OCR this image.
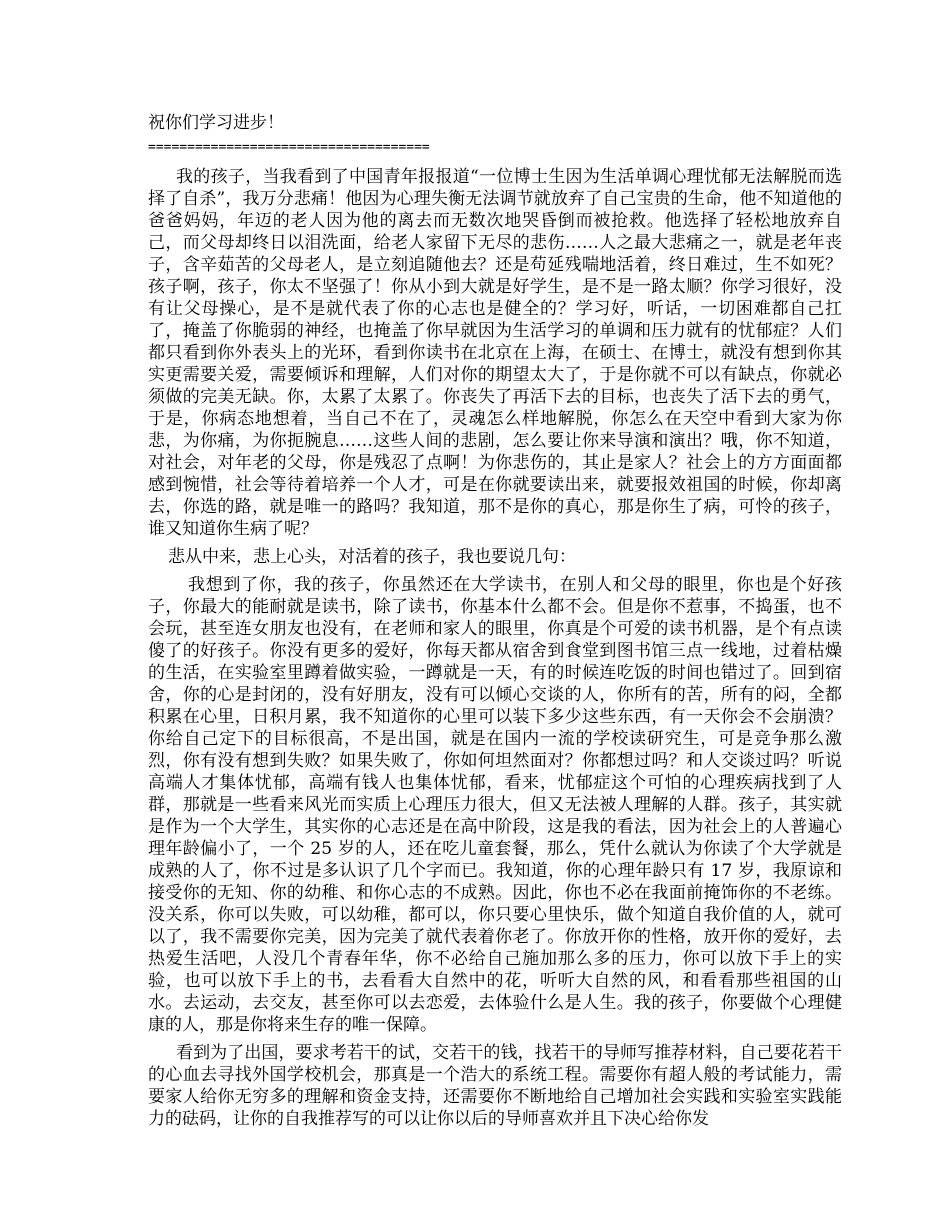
祝你们学习进步！

====================================

我的孩子，当我看到了中国青年报报道“一位博士生因为生活单调心理忧郁无法解脱而选择了自杀”，我万分悲痛！他因为心理失衡无法调节就放弃了自己宝贵的生命，他不知道他的爸爸妈妈，年迈的老人因为他的离去而无数次地哭昏倒而被抢救。他选择了轻松地放弃自己，而父母却终日以泪洗面，给老人家留下无尽的悲伤……人之最大悲痛之一，就是老年丧子，含辛茹苦的父母老人，是立刻追随他去？还是苟延残喘地活着，终日难过，生不如死？孩子啊，孩子，你太不坚强了！你从小到大就是好学生，是不是一路太顺？你学习很好，没有让父母操心，是不是就代表了你的心志也是健全的？学习好，听话，一切困难都自己扛了，掩盖了你脆弱的神经，也掩盖了你早就因为生活学习的单调和压力就有的忧郁症？人们都只看到你外表头上的光环，看到你读书在北京在上海，在硕士、在博士，就没有想到你其实更需要关爱，需要倾诉和理解，人们对你的期望太大了，于是你就不可以有缺点，你就必须做的完美无缺。你，太累了太累了。你丧失了再活下去的目标，也丧失了活下去的勇气，于是，你病态地想着，当自己不在了，灵魂怎么样地解脱，你怎么在天空中看到大家为你悲，为你痛，为你扼腕息……这些人间的悲剧，怎么要让你来导演和演出？哦，你不知道，对社会，对年老的父母，你是残忍了点啊！为你悲伤的，其止是家人？社会上的方方面面都感到惋惜，社会等待着培养一个人才，可是在你就要读出来，就要报效祖国的时候，你却离去，你选的路，就是唯一的路吗？我知道，那不是你的真心，那是你生了病，可怜的孩子，谁又知道你生病了呢？

悲从中来，悲上心头，对活着的孩子，我也要说几句：

我想到了你，我的孩子，你虽然还在大学读书，在别人和父母的眼里，你也是个好孩子，你最大的能耐就是读书，除了读书，你基本什么都不会。但是你不惹事，不捣蛋，也不会玩，甚至连女朋友也没有，在老师和家人的眼里，你真是个可爱的读书机器，是个有点读傻了的好孩子。你没有更多的爱好，你每天都从宿舍到食堂到图书馆三点一线地，过着枯燥的生活，在实验室里蹲着做实验，一蹲就是一天，有的时候连吃饭的时间也错过了。回到宿舍，你的心是封闭的，没有好朋友，没有可以倾心交谈的人，你所有的苦，所有的闷，全都积累在心里，日积月累，我不知道你的心里可以装下多少这些东西，有一天你会不会崩溃？你给自己定下的目标很高，不是出国，就是在国内一流的学校读研究生，可是竞争那么激烈，你有没有想到失败？如果失败了，你如何坦然面对？你都想过吗？和人交谈过吗？听说高端人才集体忧郁，高端有钱人也集体忧郁，看来，忧郁症这个可怕的心理疾病找到了人群，那就是一些看来风光而实质上心理压力很大，但又无法被人理解的人群。孩子，其实就是作为一个大学生，其实你的心志还是在高中阶段，这是我的看法，因为社会上的人普遍心理年龄偏小了，一个 25 岁的人，还在吃儿童套餐，那么，凭什么就认为你读了个大学就是成熟的人了，你不过是多认识了几个字而已。我知道，你的心理年龄只有 17 岁，我原谅和接受你的无知、你的幼稚、和你心志的不成熟。因此，你也不必在我面前掩饰你的不老练。没关系，你可以失败，可以幼稚，都可以，你只要心里快乐，做个知道自我价值的人，就可以了，我不需要你完美，因为完美了就代表着你老了。你放开你的性格，放开你的爱好，去热爱生活吧，人没几个青春年华，你不必给自己施加那么多的压力，你可以放下手上的实验，也可以放下手上的书，去看看大自然中的花，听听大自然的风，和看看那些祖国的山水。去运动，去交友，甚至你可以去恋爱，去体验什么是人生。我的孩子，你要做个心理健康的人，那是你将来生存的唯一保障。

看到为了出国，要求考若干的试，交若干的钱，找若干的导师写推荐材料，自己要花若干的心血去寻找外国学校机会，那真是一个浩大的系统工程。需要你有超人般的考试能力，需要家人给你无穷多的理解和资金支持，还需要你不断地给自己增加社会实践和实验室实践能力的砝码，让你的自我推荐写的可以让你以后的导师喜欢并且下决心给你发
